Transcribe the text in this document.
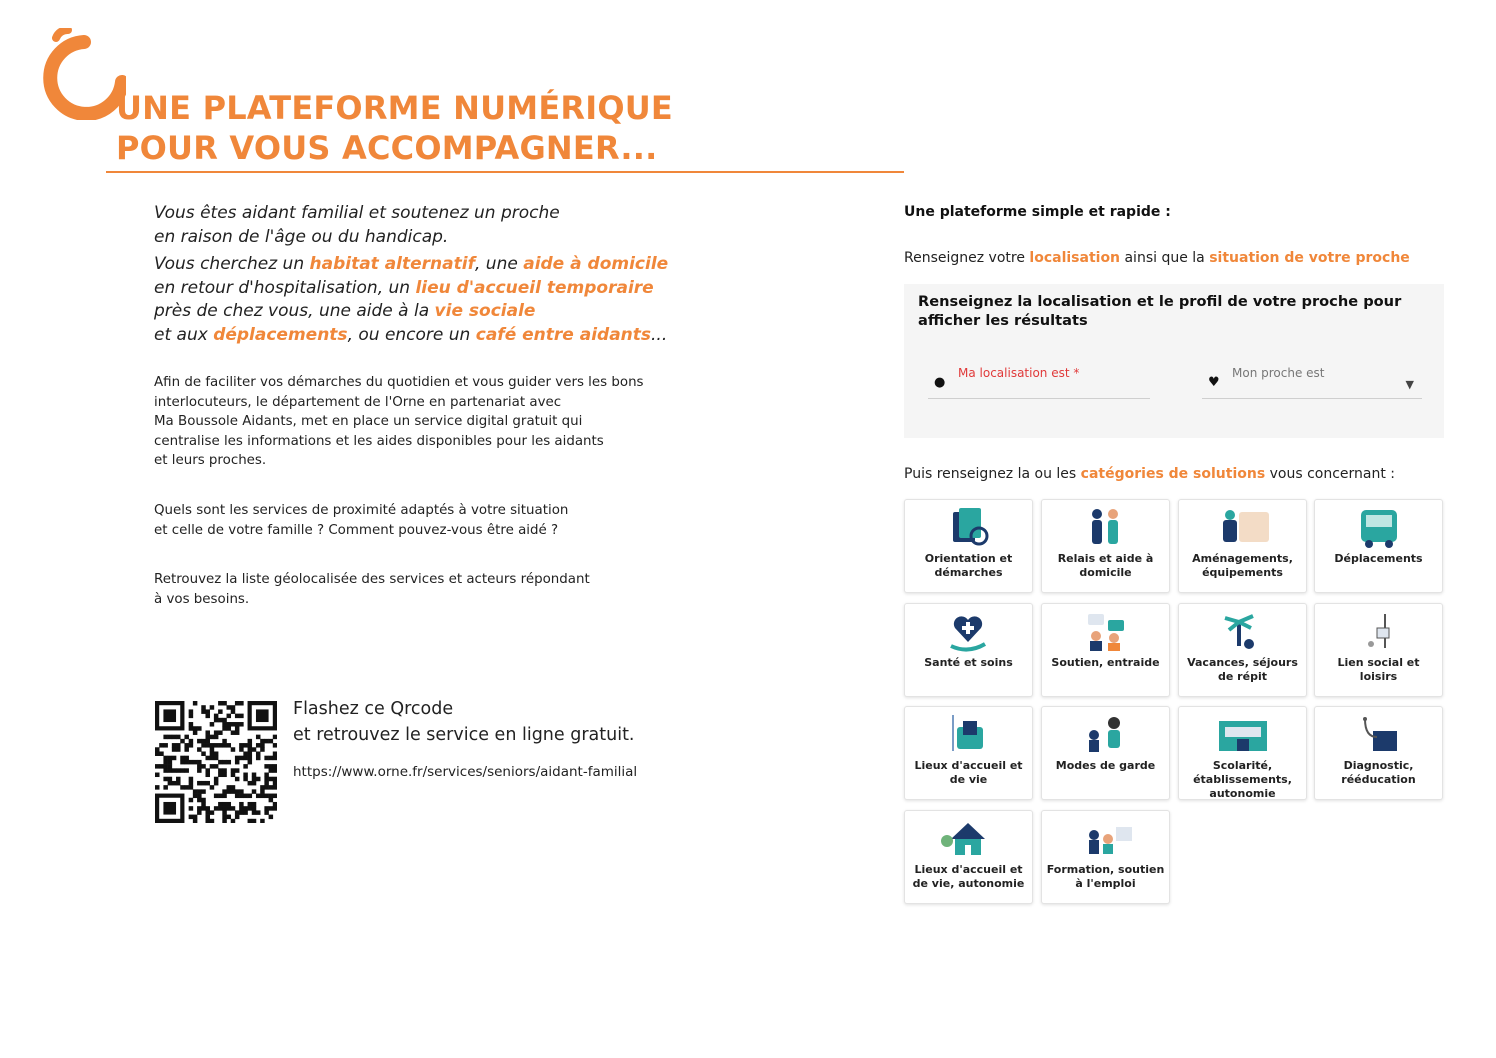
UNE PLATEFORME NUMÉRIQUE
POUR VOUS ACCOMPAGNER...

Vous êtes aidant familial et soutenez un proche
en raison de l'âge ou du handicap.

Vous cherchez un habitat alternatif, une aide à domicile
en retour d'hospitalisation, un lieu d'accueil temporaire
près de chez vous, une aide à la vie sociale
et aux déplacements, ou encore un café entre aidants...

Afin de faciliter vos démarches du quotidien et vous guider vers les bons
interlocuteurs, le département de l'Orne en partenariat avec
Ma Boussole Aidants, met en place un service digital gratuit qui
centralise les informations et les aides disponibles pour les aidants
et leurs proches.
Quels sont les services de proximité adaptés à votre situation
et celle de votre famille ? Comment pouvez-vous être aidé ?
Retrouvez la liste géolocalisée des services et acteurs répondant
à vos besoins.
Flashez ce Qrcode
et retrouvez le service en ligne gratuit.
https://www.orne.fr/services/seniors/aidant-familial
Une plateforme simple et rapide :
Renseignez votre localisation ainsi que la situation de votre proche
Renseignez la localisation et le profil de votre proche pour afficher les résultats
●
Ma localisation est *
♥
Mon proche est
▼
Puis renseignez la ou les catégories de solutions vous concernant :
Orientation et démarches
Relais et aide à domicile
Aménagements, équipements
Déplacements
Santé et soins	Soutien, entraide	Vacances, séjours de répit
Lien social et loisirs
Lieux d'accueil et de vie
Modes de garde	Scolarité, établissements, autonomie
Diagnostic, rééducation
Lieux d'accueil et de vie, autonomie
Formation, soutien à l'emploi
